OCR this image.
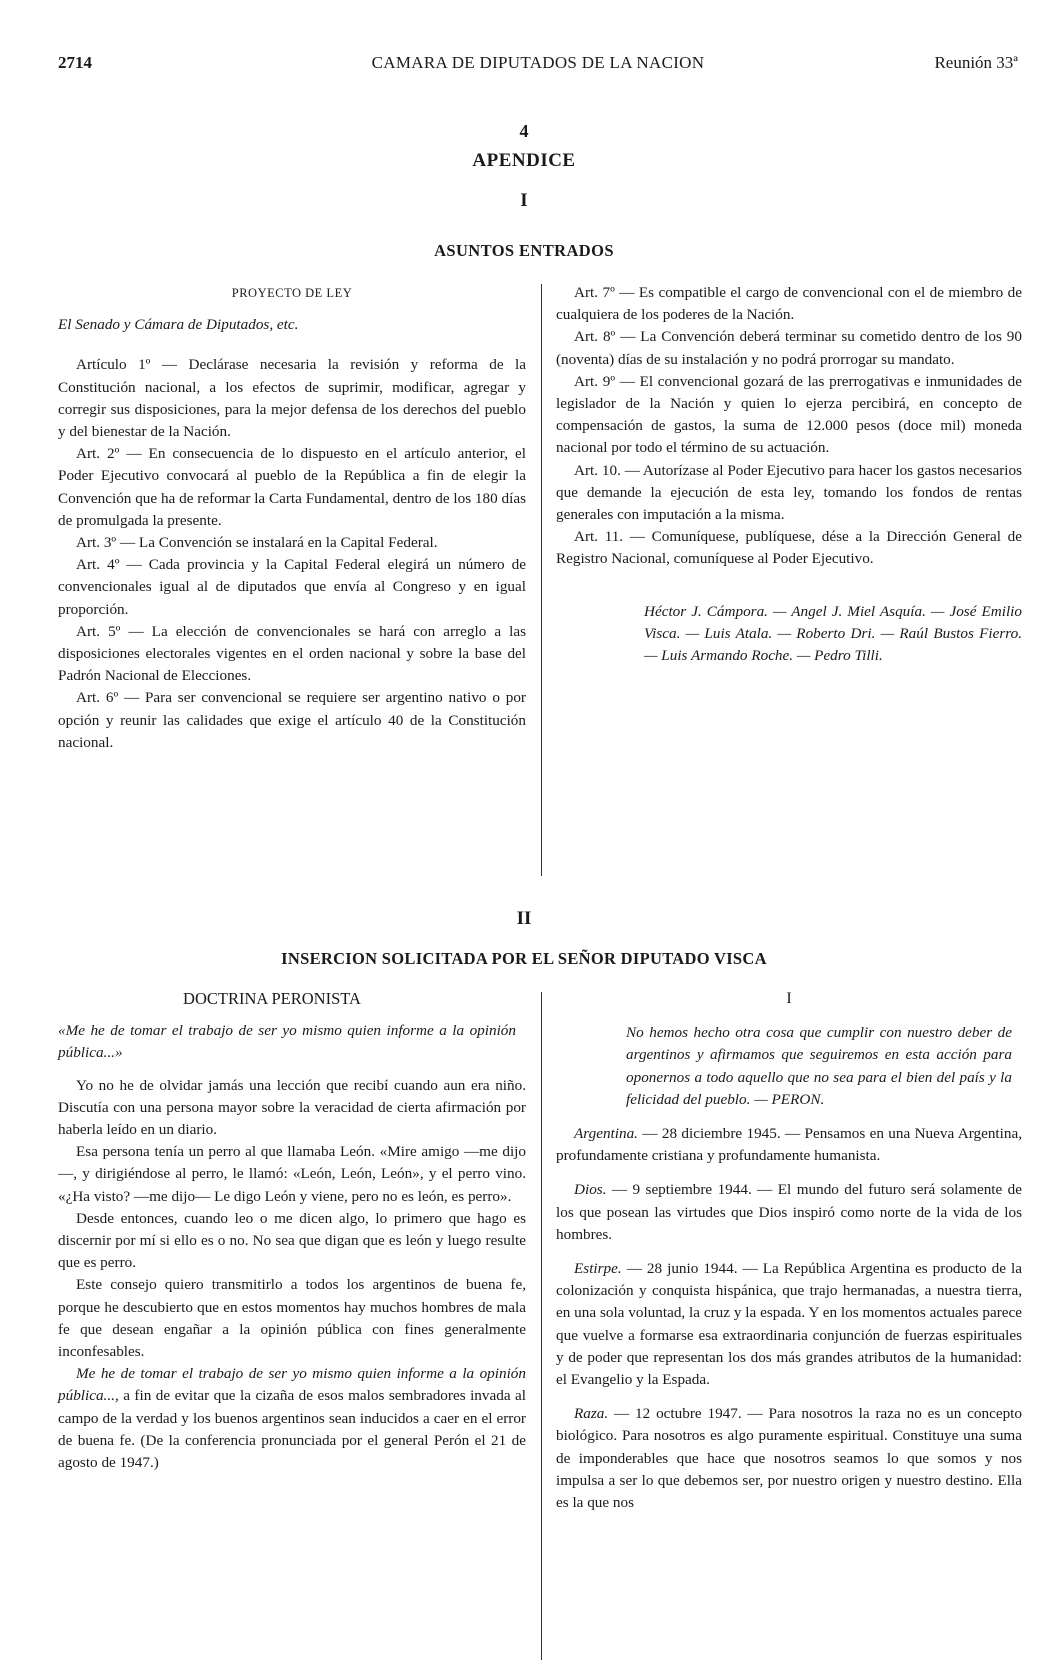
2714	CAMARA DE DIPUTADOS DE LA NACION	Reunión 33ª
4
APENDICE
I
ASUNTOS ENTRADOS

PROYECTO DE LEY

El Senado y Cámara de Diputados, etc.

Artículo 1º — Declárase necesaria la revisión y reforma de la Constitución nacional, a los efectos de suprimir, modificar, agregar y corregir sus disposiciones, para la mejor defensa de los derechos del pueblo y del bienestar de la Nación.

Art. 2º — En consecuencia de lo dispuesto en el artículo anterior, el Poder Ejecutivo convocará al pueblo de la República a fin de elegir la Convención que ha de reformar la Carta Fundamental, dentro de los 180 días de promulgada la presente.

Art. 3º — La Convención se instalará en la Capital Federal.

Art. 4º — Cada provincia y la Capital Federal elegirá un número de convencionales igual al de diputados que envía al Congreso y en igual proporción.

Art. 5º — La elección de convencionales se hará con arreglo a las disposiciones electorales vigentes en el orden nacional y sobre la base del Padrón Nacional de Elecciones.

Art. 6º — Para ser convencional se requiere ser argentino nativo o por opción y reunir las calidades que exige el artículo 40 de la Constitución nacional.

Art. 7º — Es compatible el cargo de convencional con el de miembro de cualquiera de los poderes de la Nación.

Art. 8º — La Convención deberá terminar su cometido dentro de los 90 (noventa) días de su instalación y no podrá prorrogar su mandato.

Art. 9º — El convencional gozará de las prerrogativas e inmunidades de legislador de la Nación y quien lo ejerza percibirá, en concepto de compensación de gastos, la suma de 12.000 pesos (doce mil) moneda nacional por todo el término de su actuación.

Art. 10. — Autorízase al Poder Ejecutivo para hacer los gastos necesarios que demande la ejecución de esta ley, tomando los fondos de rentas generales con imputación a la misma.

Art. 11. — Comuníquese, publíquese, dése a la Dirección General de Registro Nacional, comuníquese al Poder Ejecutivo.

Héctor J. Cámpora. — Angel J. Miel Asquía. — José Emilio Visca. — Luis Atala. — Roberto Dri. — Raúl Bustos Fierro. — Luis Armando Roche. — Pedro Tilli.

II
INSERCION SOLICITADA POR EL SEÑOR DIPUTADO VISCA

DOCTRINA PERONISTA

«Me he de tomar el trabajo de ser yo mismo quien informe a la opinión pública...»

Yo no he de olvidar jamás una lección que recibí cuando aun era niño. Discutía con una persona mayor sobre la veracidad de cierta afirmación por haberla leído en un diario.

Esa persona tenía un perro al que llamaba León. «Mire amigo —me dijo—, y dirigiéndose al perro, le llamó: «León, León, León», y el perro vino. «¿Ha visto? —me dijo— Le digo León y viene, pero no es león, es perro».

Desde entonces, cuando leo o me dicen algo, lo primero que hago es discernir por mí si ello es o no. No sea que digan que es león y luego resulte que es perro.

Este consejo quiero transmitirlo a todos los argentinos de buena fe, porque he descubierto que en estos momentos hay muchos hombres de mala fe que desean engañar a la opinión pública con fines generalmente inconfesables.

Me he de tomar el trabajo de ser yo mismo quien informe a la opinión pública..., a fin de evitar que la cizaña de esos malos sembradores invada al campo de la verdad y los buenos argentinos sean inducidos a caer en el error de buena fe. (De la conferencia pronunciada por el general Perón el 21 de agosto de 1947.)

I

No hemos hecho otra cosa que cumplir con nuestro deber de argentinos y afirmamos que seguiremos en esta acción para oponernos a todo aquello que no sea para el bien del país y la felicidad del pueblo. — PERON.

Argentina. — 28 diciembre 1945. — Pensamos en una Nueva Argentina, profundamente cristiana y profundamente humanista.

Dios. — 9 septiembre 1944. — El mundo del futuro será solamente de los que posean las virtudes que Dios inspiró como norte de la vida de los hombres.

Estirpe. — 28 junio 1944. — La República Argentina es producto de la colonización y conquista hispánica, que trajo hermanadas, a nuestra tierra, en una sola voluntad, la cruz y la espada. Y en los momentos actuales parece que vuelve a formarse esa extraordinaria conjunción de fuerzas espirituales y de poder que representan los dos más grandes atributos de la humanidad: el Evangelio y la Espada.

Raza. — 12 octubre 1947. — Para nosotros la raza no es un concepto biológico. Para nosotros es algo puramente espiritual. Constituye una suma de imponderables que hace que nosotros seamos lo que somos y nos impulsa a ser lo que debemos ser, por nuestro origen y nuestro destino. Ella es la que nos
